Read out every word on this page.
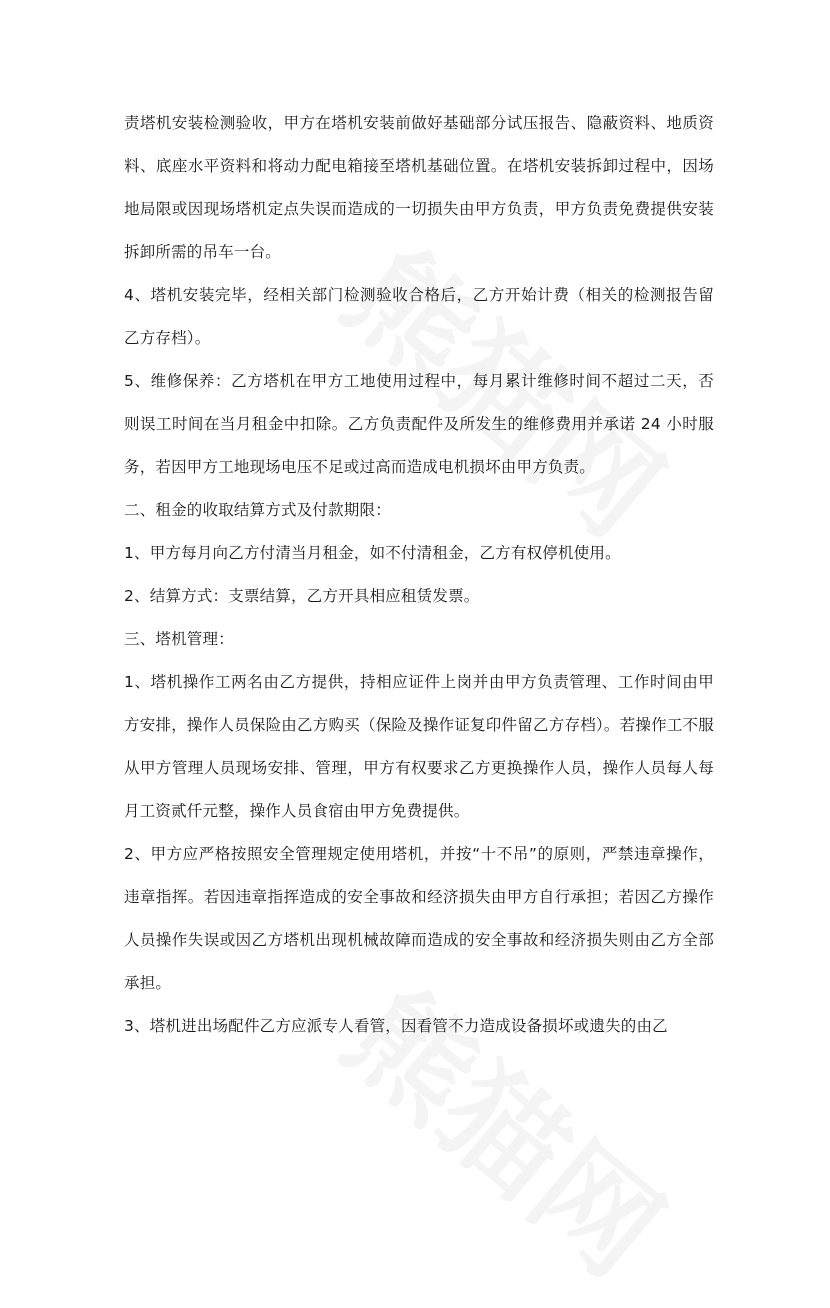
责塔机安装检测验收，甲方在塔机安装前做好基础部分试压报告、隐蔽资料、地质资料、底座水平资料和将动力配电箱接至塔机基础位置。在塔机安装拆卸过程中，因场地局限或因现场塔机定点失误而造成的一切损失由甲方负责，甲方负责免费提供安装拆卸所需的吊车一台。

4、塔机安装完毕，经相关部门检测验收合格后，乙方开始计费（相关的检测报告留乙方存档）。

5、维修保养：乙方塔机在甲方工地使用过程中，每月累计维修时间不超过二天，否则误工时间在当月租金中扣除。乙方负责配件及所发生的维修费用并承诺 24 小时服务，若因甲方工地现场电压不足或过高而造成电机损坏由甲方负责。

二、租金的收取结算方式及付款期限：

1、甲方每月向乙方付清当月租金，如不付清租金，乙方有权停机使用。

2、结算方式：支票结算，乙方开具相应租赁发票。

三、塔机管理：

1、塔机操作工两名由乙方提供，持相应证件上岗并由甲方负责管理、工作时间由甲方安排，操作人员保险由乙方购买（保险及操作证复印件留乙方存档）。若操作工不服从甲方管理人员现场安排、管理，甲方有权要求乙方更换操作人员，操作人员每人每月工资贰仟元整，操作人员食宿由甲方免费提供。

2、甲方应严格按照安全管理规定使用塔机，并按“十不吊”的原则，严禁违章操作，违章指挥。若因违章指挥造成的安全事故和经济损失由甲方自行承担；若因乙方操作人员操作失误或因乙方塔机出现机械故障而造成的安全事故和经济损失则由乙方全部承担。

3、塔机进出场配件乙方应派专人看管，因看管不力造成设备损坏或遗失的由乙
